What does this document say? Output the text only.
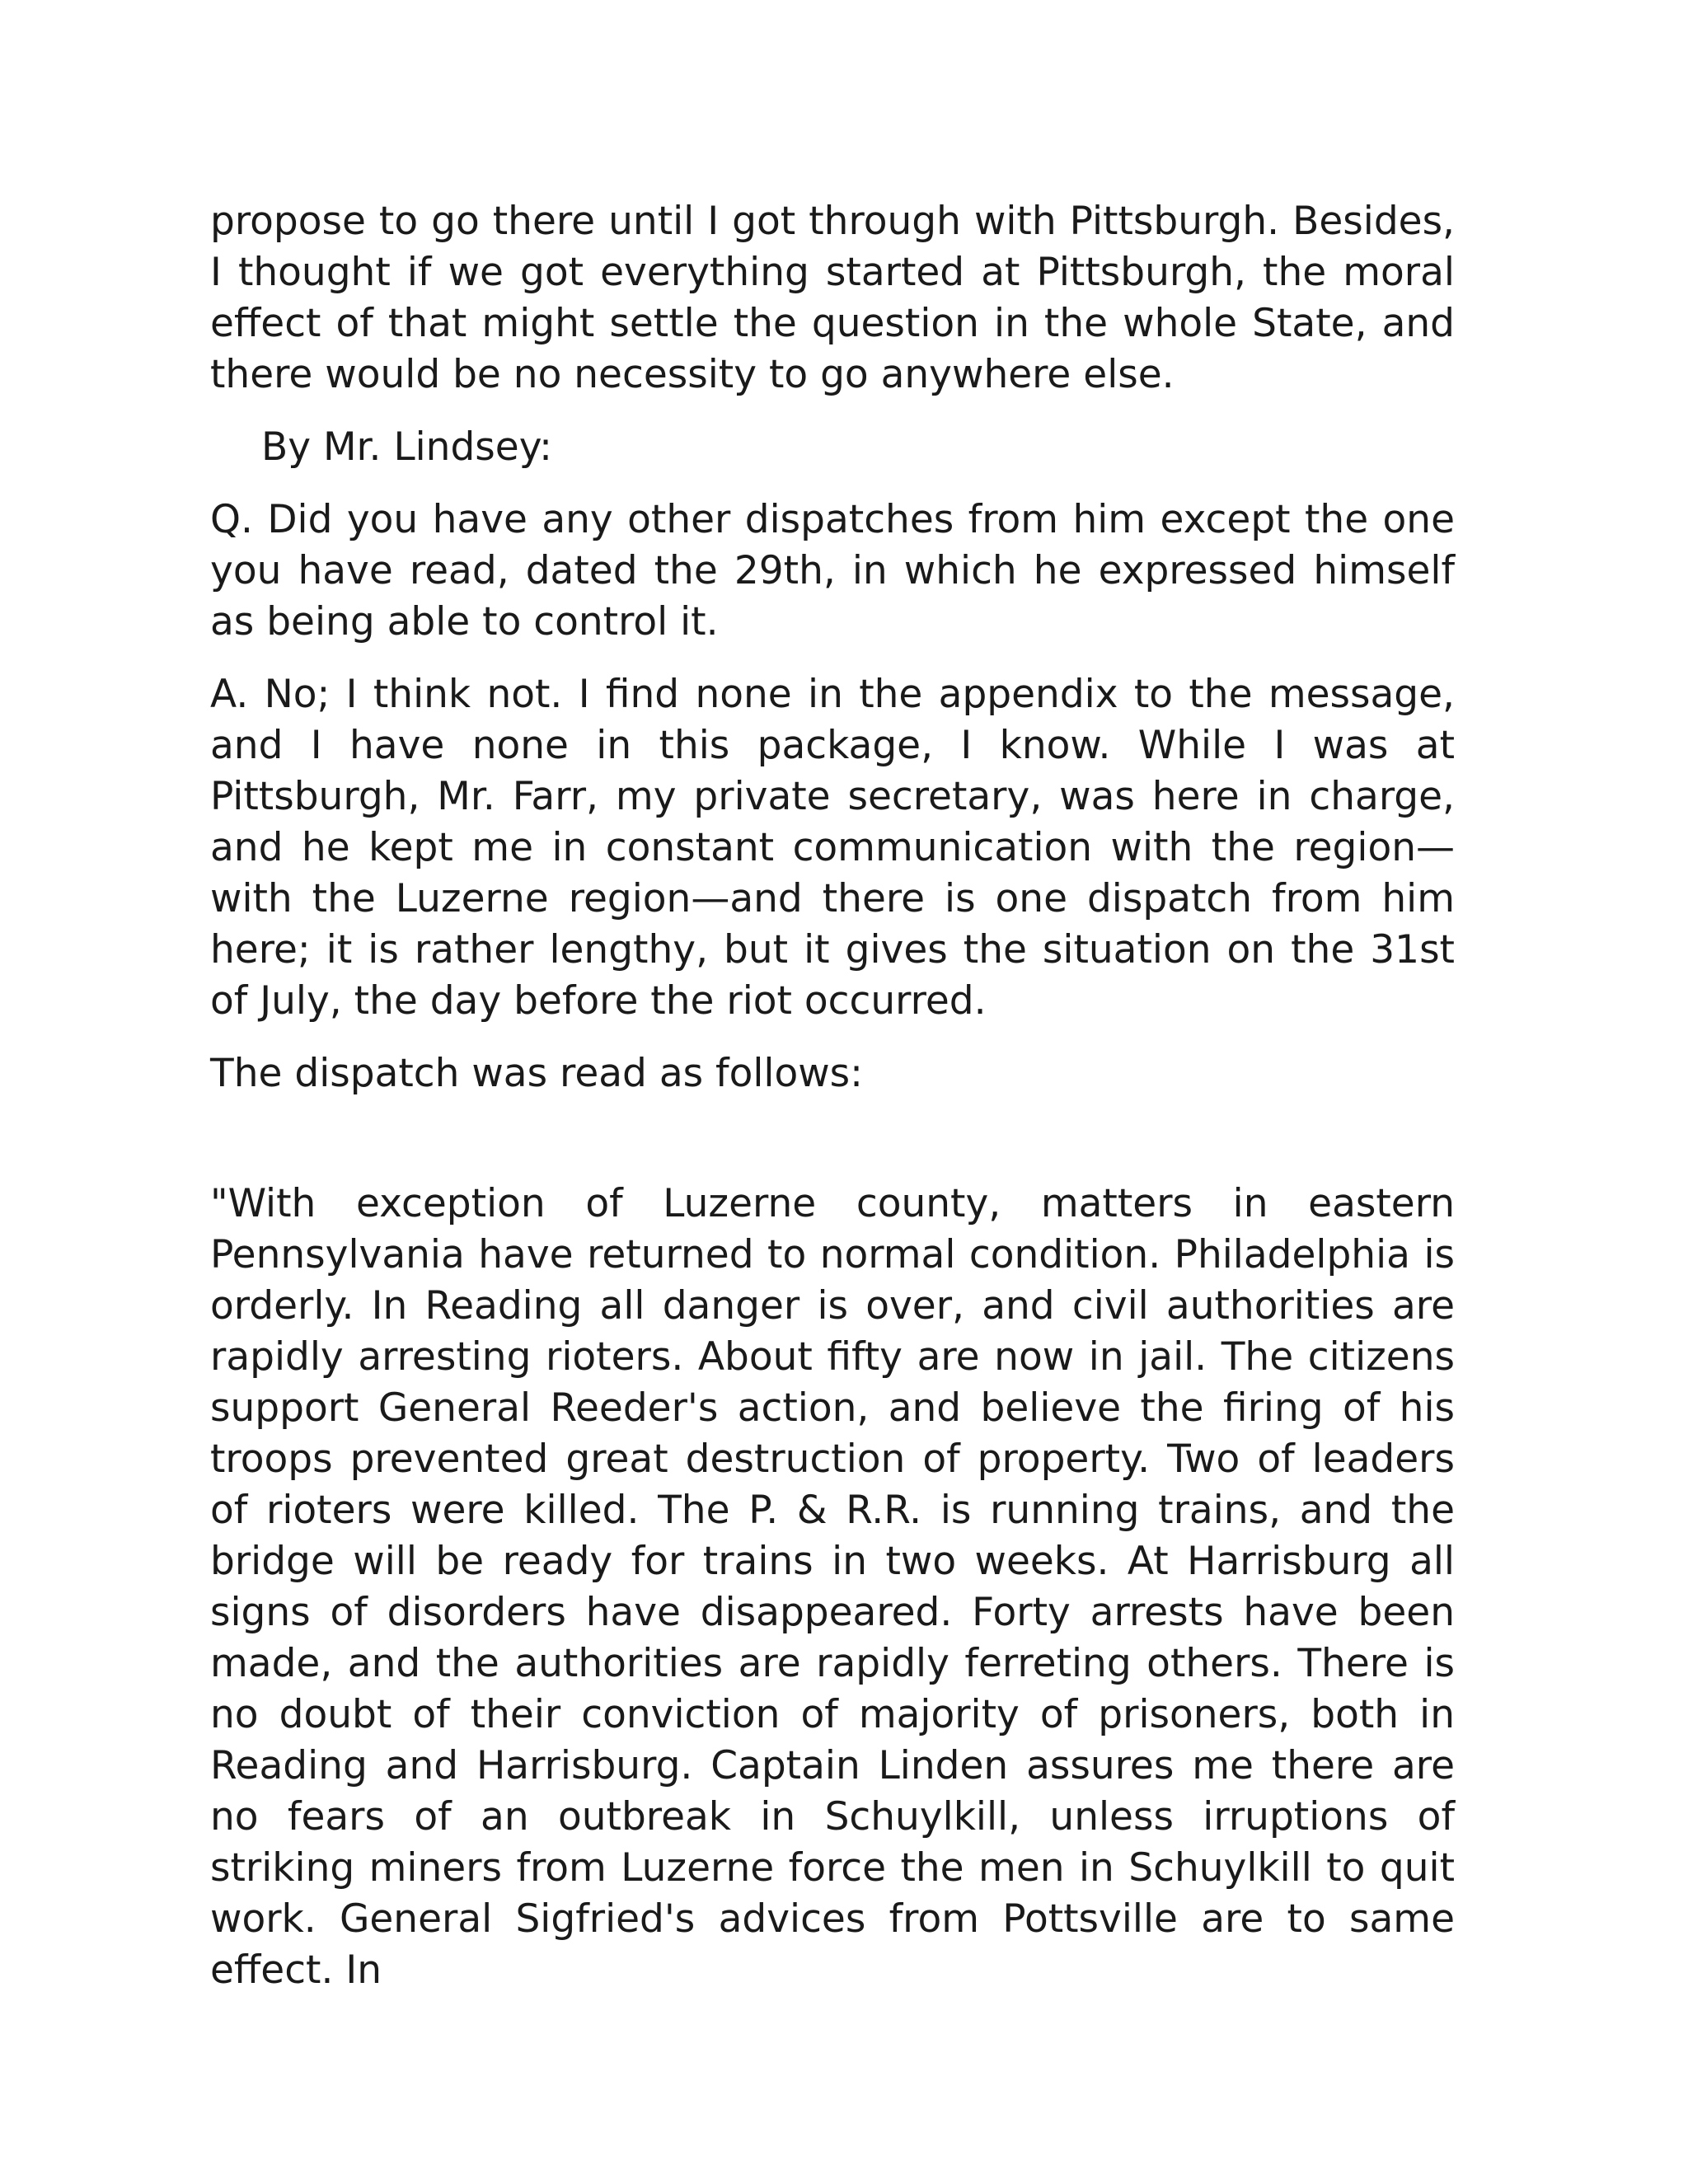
propose to go there until I got through with Pittsburgh. Besides, I thought if we got everything started at Pittsburgh, the moral effect of that might settle the question in the whole State, and there would be no necessity to go anywhere else.

By Mr. Lindsey:

Q. Did you have any other dispatches from him except the one you have read, dated the 29th, in which he expressed himself as being able to control it.

A. No; I think not. I find none in the appendix to the message, and I have none in this package, I know. While I was at Pittsburgh, Mr. Farr, my private secretary, was here in charge, and he kept me in constant communication with the region—with the Luzerne region—and there is one dispatch from him here; it is rather lengthy, but it gives the situation on the 31st of July, the day before the riot occurred.

The dispatch was read as follows:

"With exception of Luzerne county, matters in eastern Pennsylvania have returned to normal condition. Philadelphia is orderly. In Reading all danger is over, and civil authorities are rapidly arresting rioters. About fifty are now in jail. The citizens support General Reeder's action, and believe the firing of his troops prevented great destruction of property. Two of leaders of rioters were killed. The P. & R.R. is running trains, and the bridge will be ready for trains in two weeks. At Harrisburg all signs of disorders have disappeared. Forty arrests have been made, and the authorities are rapidly ferreting others. There is no doubt of their conviction of majority of prisoners, both in Reading and Harrisburg. Captain Linden assures me there are no fears of an outbreak in Schuylkill, unless irruptions of striking miners from Luzerne force the men in Schuylkill to quit work. General Sigfried's advices from Pottsville are to same effect. In
